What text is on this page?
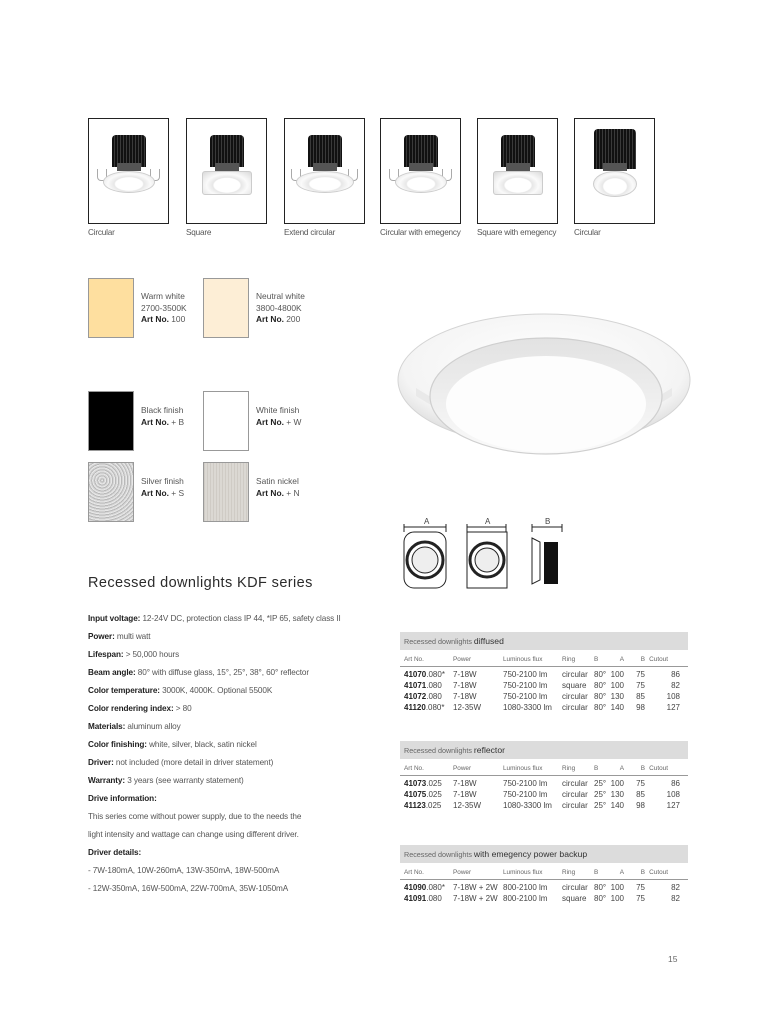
Circular	Square	Extend circular	Circular with emegency Square with emegency Circular
Warm white
2700-3500K
Art No. 100
Neutral white
3800-4800K
Art No. 200
Black finish
Art No. + B
White finish
Art No. + W
Silver finish
Art No. + S
Satin nickel
Art No. + N
A	A	B
Recessed downlights KDF series
Input voltage: 12-24V DC, protection class IP 44, *IP 65, safety class II
Power: multi watt
Lifespan: > 50,000 hours
Beam angle: 80° with diffuse glass, 15°, 25°, 38°, 60° reflector
Color temperature: 3000K, 4000K. Optional 5500K
Color rendering index: > 80
Materials: aluminum alloy
Color finishing: white, silver, black, satin nickel
Driver: not included (more detail in driver statement)
Warranty: 3 years (see warranty statement)
Drive information:
This series come without power supply, due to the needs the
light intensity and wattage can change using different driver.
Driver details:
- 7W-180mA, 10W-260mA, 13W-350mA, 18W-500mA
- 12W-350mA, 16W-500mA, 22W-700mA, 35W-1050mA
Recessed downlights diffused
Art No.	Power	Luminous flux	Ring	B	A	B Cutout
41070.080* 7-18W	750-2100 lm circular 80° 100	75	86
41071.080 7-18W	750-2100 lm square 80° 100	75	82
41072.080 7-18W	750-2100 lm circular 80° 130	85	108
41120.080* 12-35W	1080-3300 lm circular 80° 140	98	127
Recessed downlights reflector
Art No.	Power	Luminous flux	Ring	B	A	B Cutout
41073.025 7-18W	750-2100 lm circular 25° 100	75	86
41075.025 7-18W	750-2100 lm circular 25° 130	85	108
41123.025 12-35W	1080-3300 lm circular 25° 140	98	127
Recessed downlights with emegency power backup
Art No.	Power	Luminous flux	Ring	B	A	B Cutout
41090.080* 7-18W + 2W 800-2100 lm circular 80° 100	75	82
41091.080 7-18W + 2W 800-2100 lm square 80° 100	75	82
15
